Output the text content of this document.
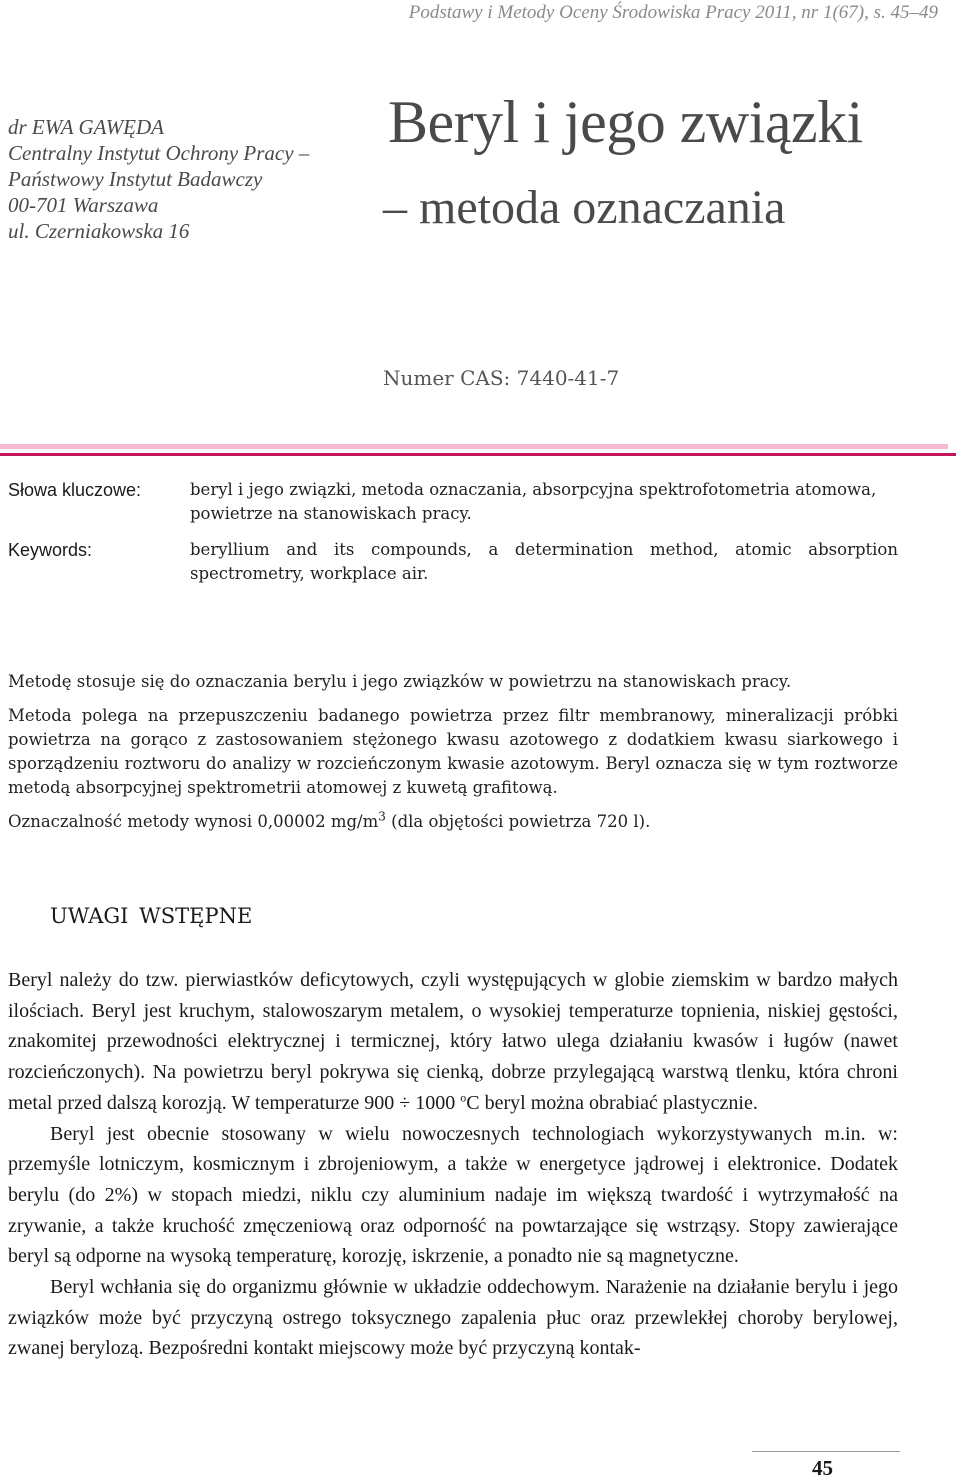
Podstawy i Metody Oceny Środowiska Pracy 2011, nr 1(67), s. 45–49
dr EWA GAWĘDA
Centralny Instytut Ochrony Pracy –
Państwowy Instytut Badawczy
00-701 Warszawa
ul. Czerniakowska 16
Beryl i jego związki
– metoda oznaczania
Numer CAS: 7440-41-7
Słowa kluczowe:	beryl i jego związki, metoda oznaczania, absorpcyjna spektrofotometria atomowa, powietrze na stanowiskach pracy.
Keywords:	beryllium and its compounds, a determination method, atomic absorption spectrometry, workplace air.

Metodę stosuje się do oznaczania berylu i jego związków w powietrzu na stanowiskach pracy.

Metoda polega na przepuszczeniu badanego powietrza przez filtr membranowy, mineralizacji próbki powietrza na gorąco z zastosowaniem stężonego kwasu azotowego z dodatkiem kwasu siarkowego i sporządzeniu roztworu do analizy w rozcieńczonym kwasie azotowym. Beryl oznacza się w tym roztworze metodą absorpcyjnej spektrometrii atomowej z kuwetą grafitową.

Oznaczalność metody wynosi 0,00002 $mg/m^3$ (dla objętości powietrza 720 l).

UWAGI WSTĘPNE

Beryl należy do tzw. pierwiastków deficytowych, czyli występujących w globie ziemskim w bardzo małych ilościach. Beryl jest kruchym, stalowoszarym metalem, o wysokiej temperaturze topnienia, niskiej gęstości, znakomitej przewodności elektrycznej i termicznej, który łatwo ulega działaniu kwasów i ługów (nawet rozcieńczonych). Na powietrzu beryl pokrywa się cienką, dobrze przylegającą warstwą tlenku, która chroni metal przed dalszą korozją. W temperaturze 900 ÷ 1000 $^o$C beryl można obrabiać plastycznie.

Beryl jest obecnie stosowany w wielu nowoczesnych technologiach wykorzystywanych m.in. w: przemyśle lotniczym, kosmicznym i zbrojeniowym, a także w energetyce jądrowej i elektronice. Dodatek berylu (do 2%) w stopach miedzi, niklu czy aluminium nadaje im większą twardość i wytrzymałość na zrywanie, a także kruchość zmęczeniową oraz odporność na powtarzające się wstrząsy. Stopy zawierające beryl są odporne na wysoką temperaturę, korozję, iskrzenie, a ponadto nie są magnetyczne.

Beryl wchłania się do organizmu głównie w układzie oddechowym. Narażenie na działanie berylu i jego związków może być przyczyną ostrego toksycznego zapalenia płuc oraz przewlekłej choroby berylowej, zwanej berylozą. Bezpośredni kontakt miejscowy może być przyczyną kontak-

45
